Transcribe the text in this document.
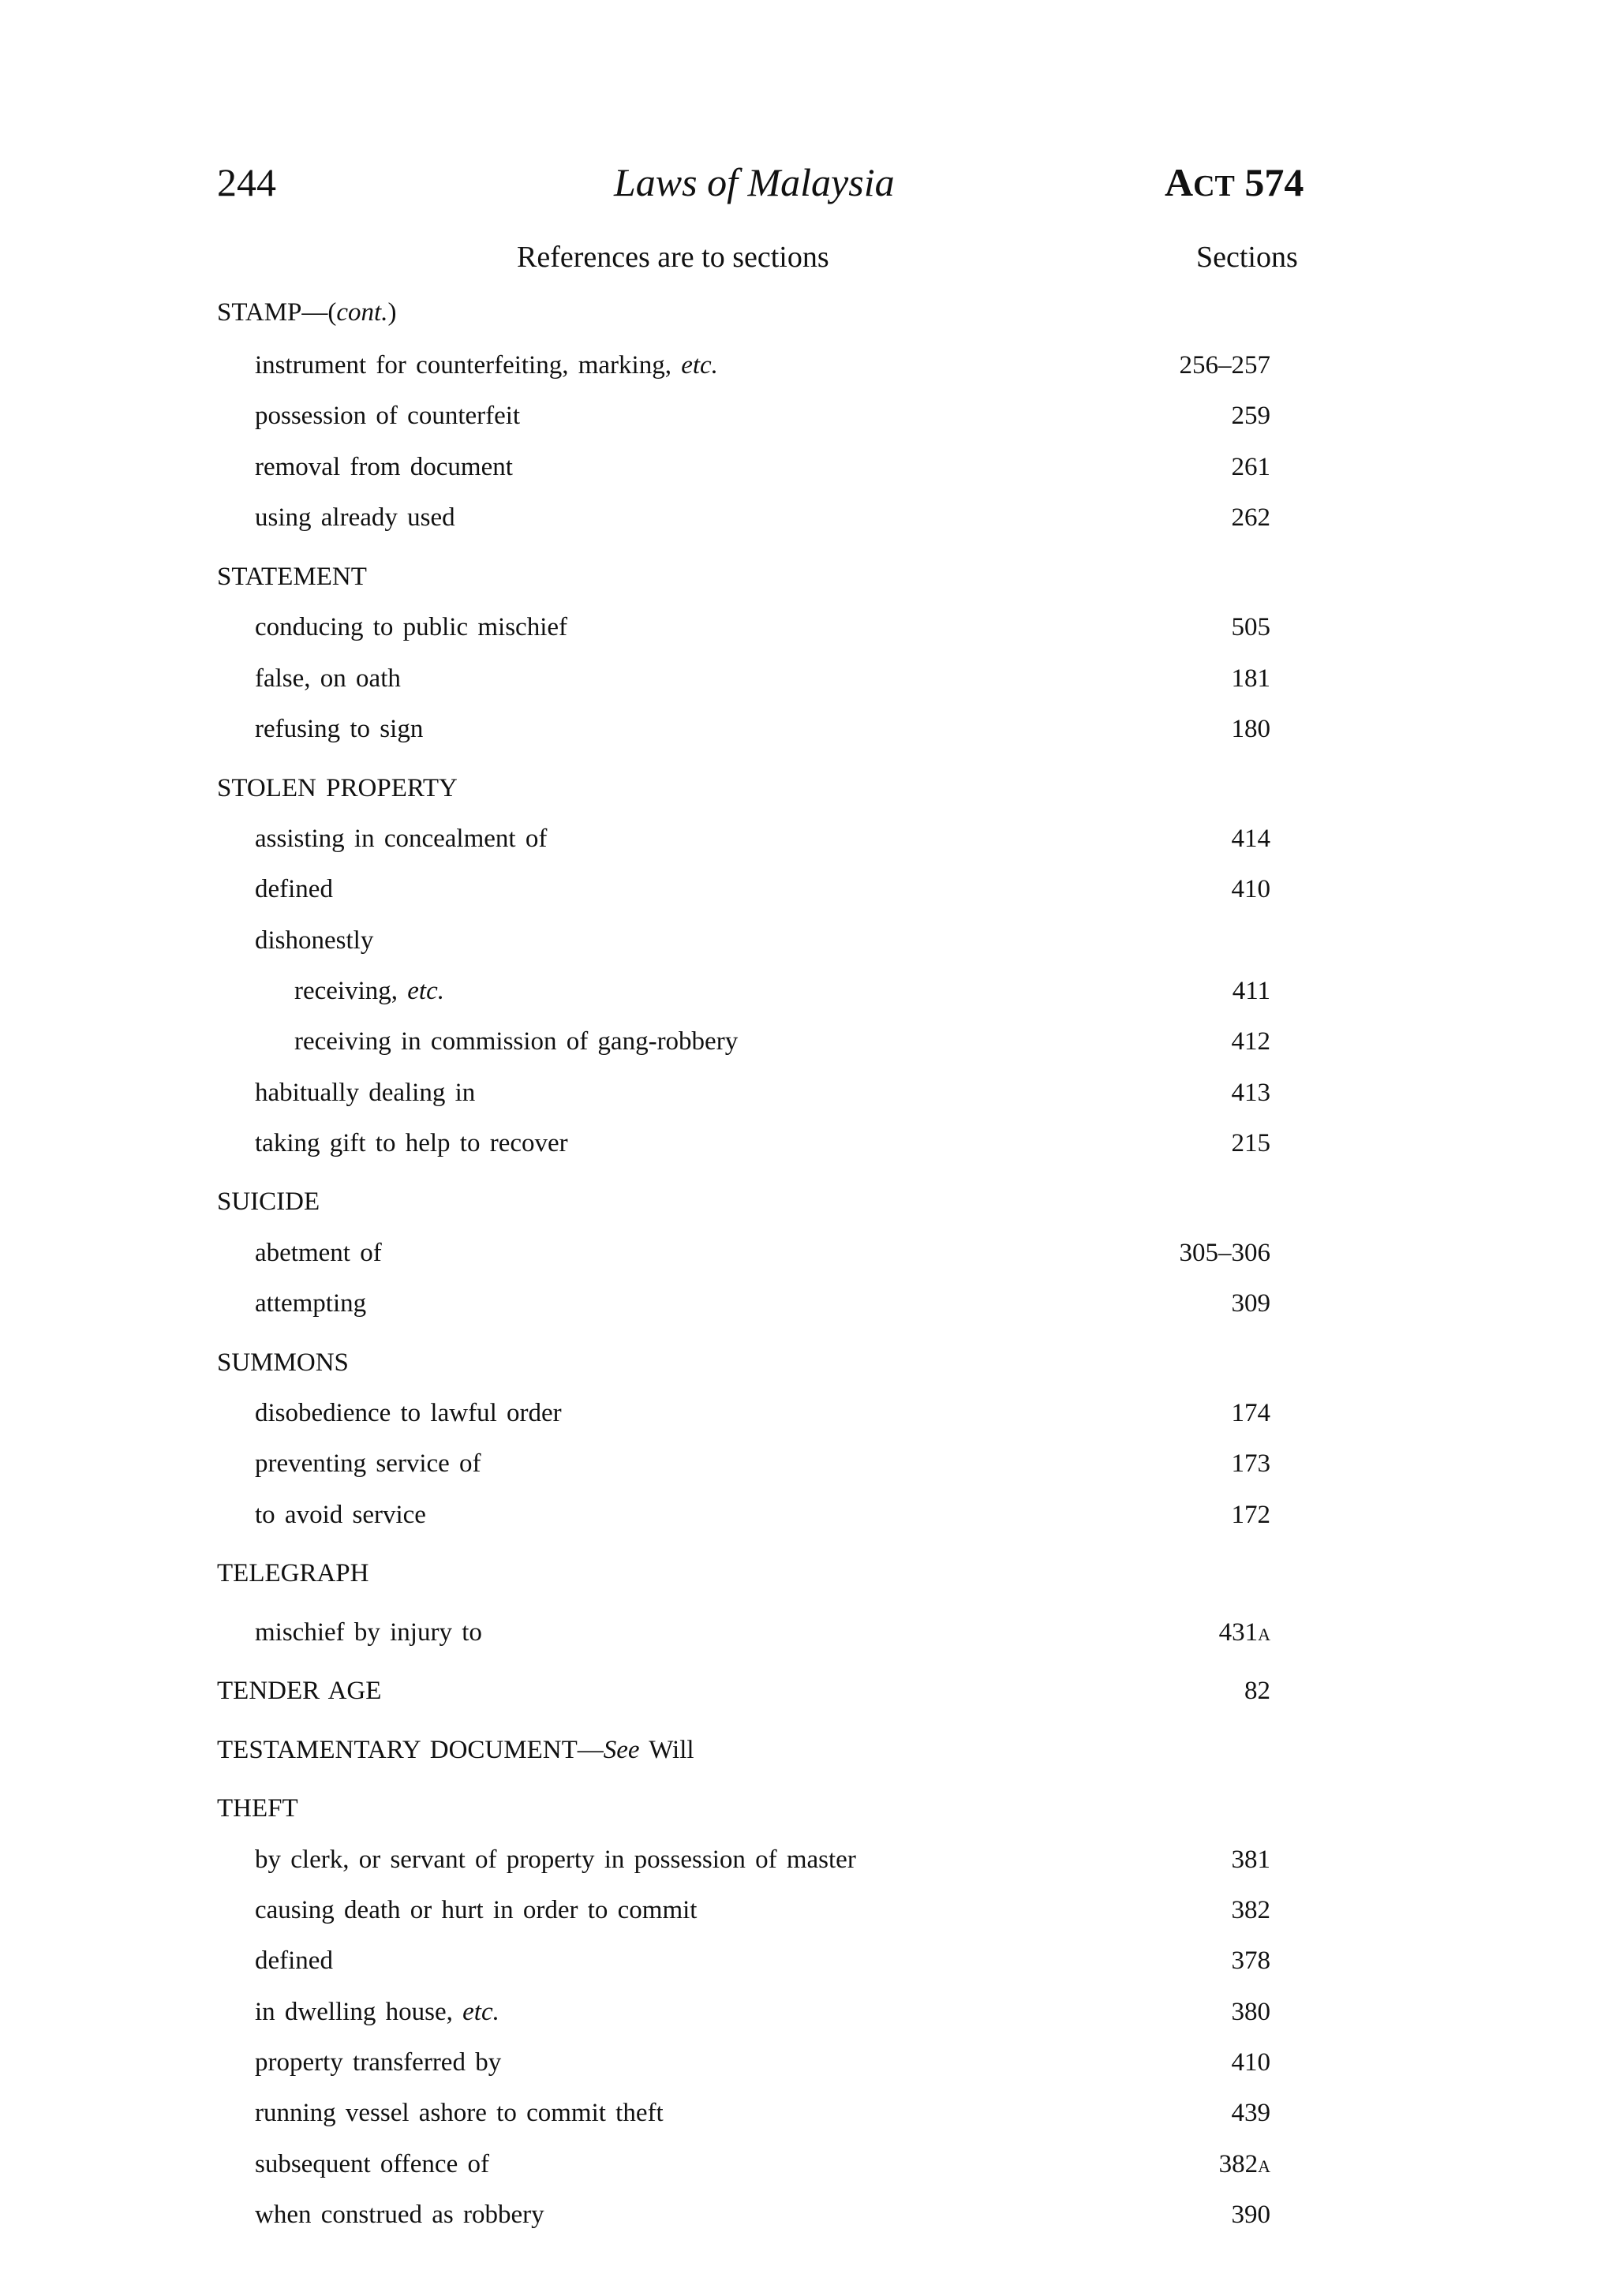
244	Laws of Malaysia	ACT 574
References are to sections	Sections
STAMP—(cont.)
instrument for counterfeiting, marking, etc.	256–257
possession of counterfeit	259
removal from document	261
using already used	262
STATEMENT
conducing to public mischief	505
false, on oath	181
refusing to sign	180
STOLEN PROPERTY
assisting in concealment of	414
defined	410
dishonestly
receiving, etc.	411
receiving in commission of gang-robbery	412
habitually dealing in	413
taking gift to help to recover	215
SUICIDE
abetment of	305–306
attempting	309
SUMMONS
disobedience to lawful order	174
preventing service of	173
to avoid service	172
TELEGRAPH
mischief by injury to	431A
TENDER AGE	82
TESTAMENTARY DOCUMENT—See Will
THEFT
by clerk, or servant of property in possession of master	381
causing death or hurt in order to commit	382
defined	378
in dwelling house, etc.	380
property transferred by	410
running vessel ashore to commit theft	439
subsequent offence of	382A
when construed as robbery	390
